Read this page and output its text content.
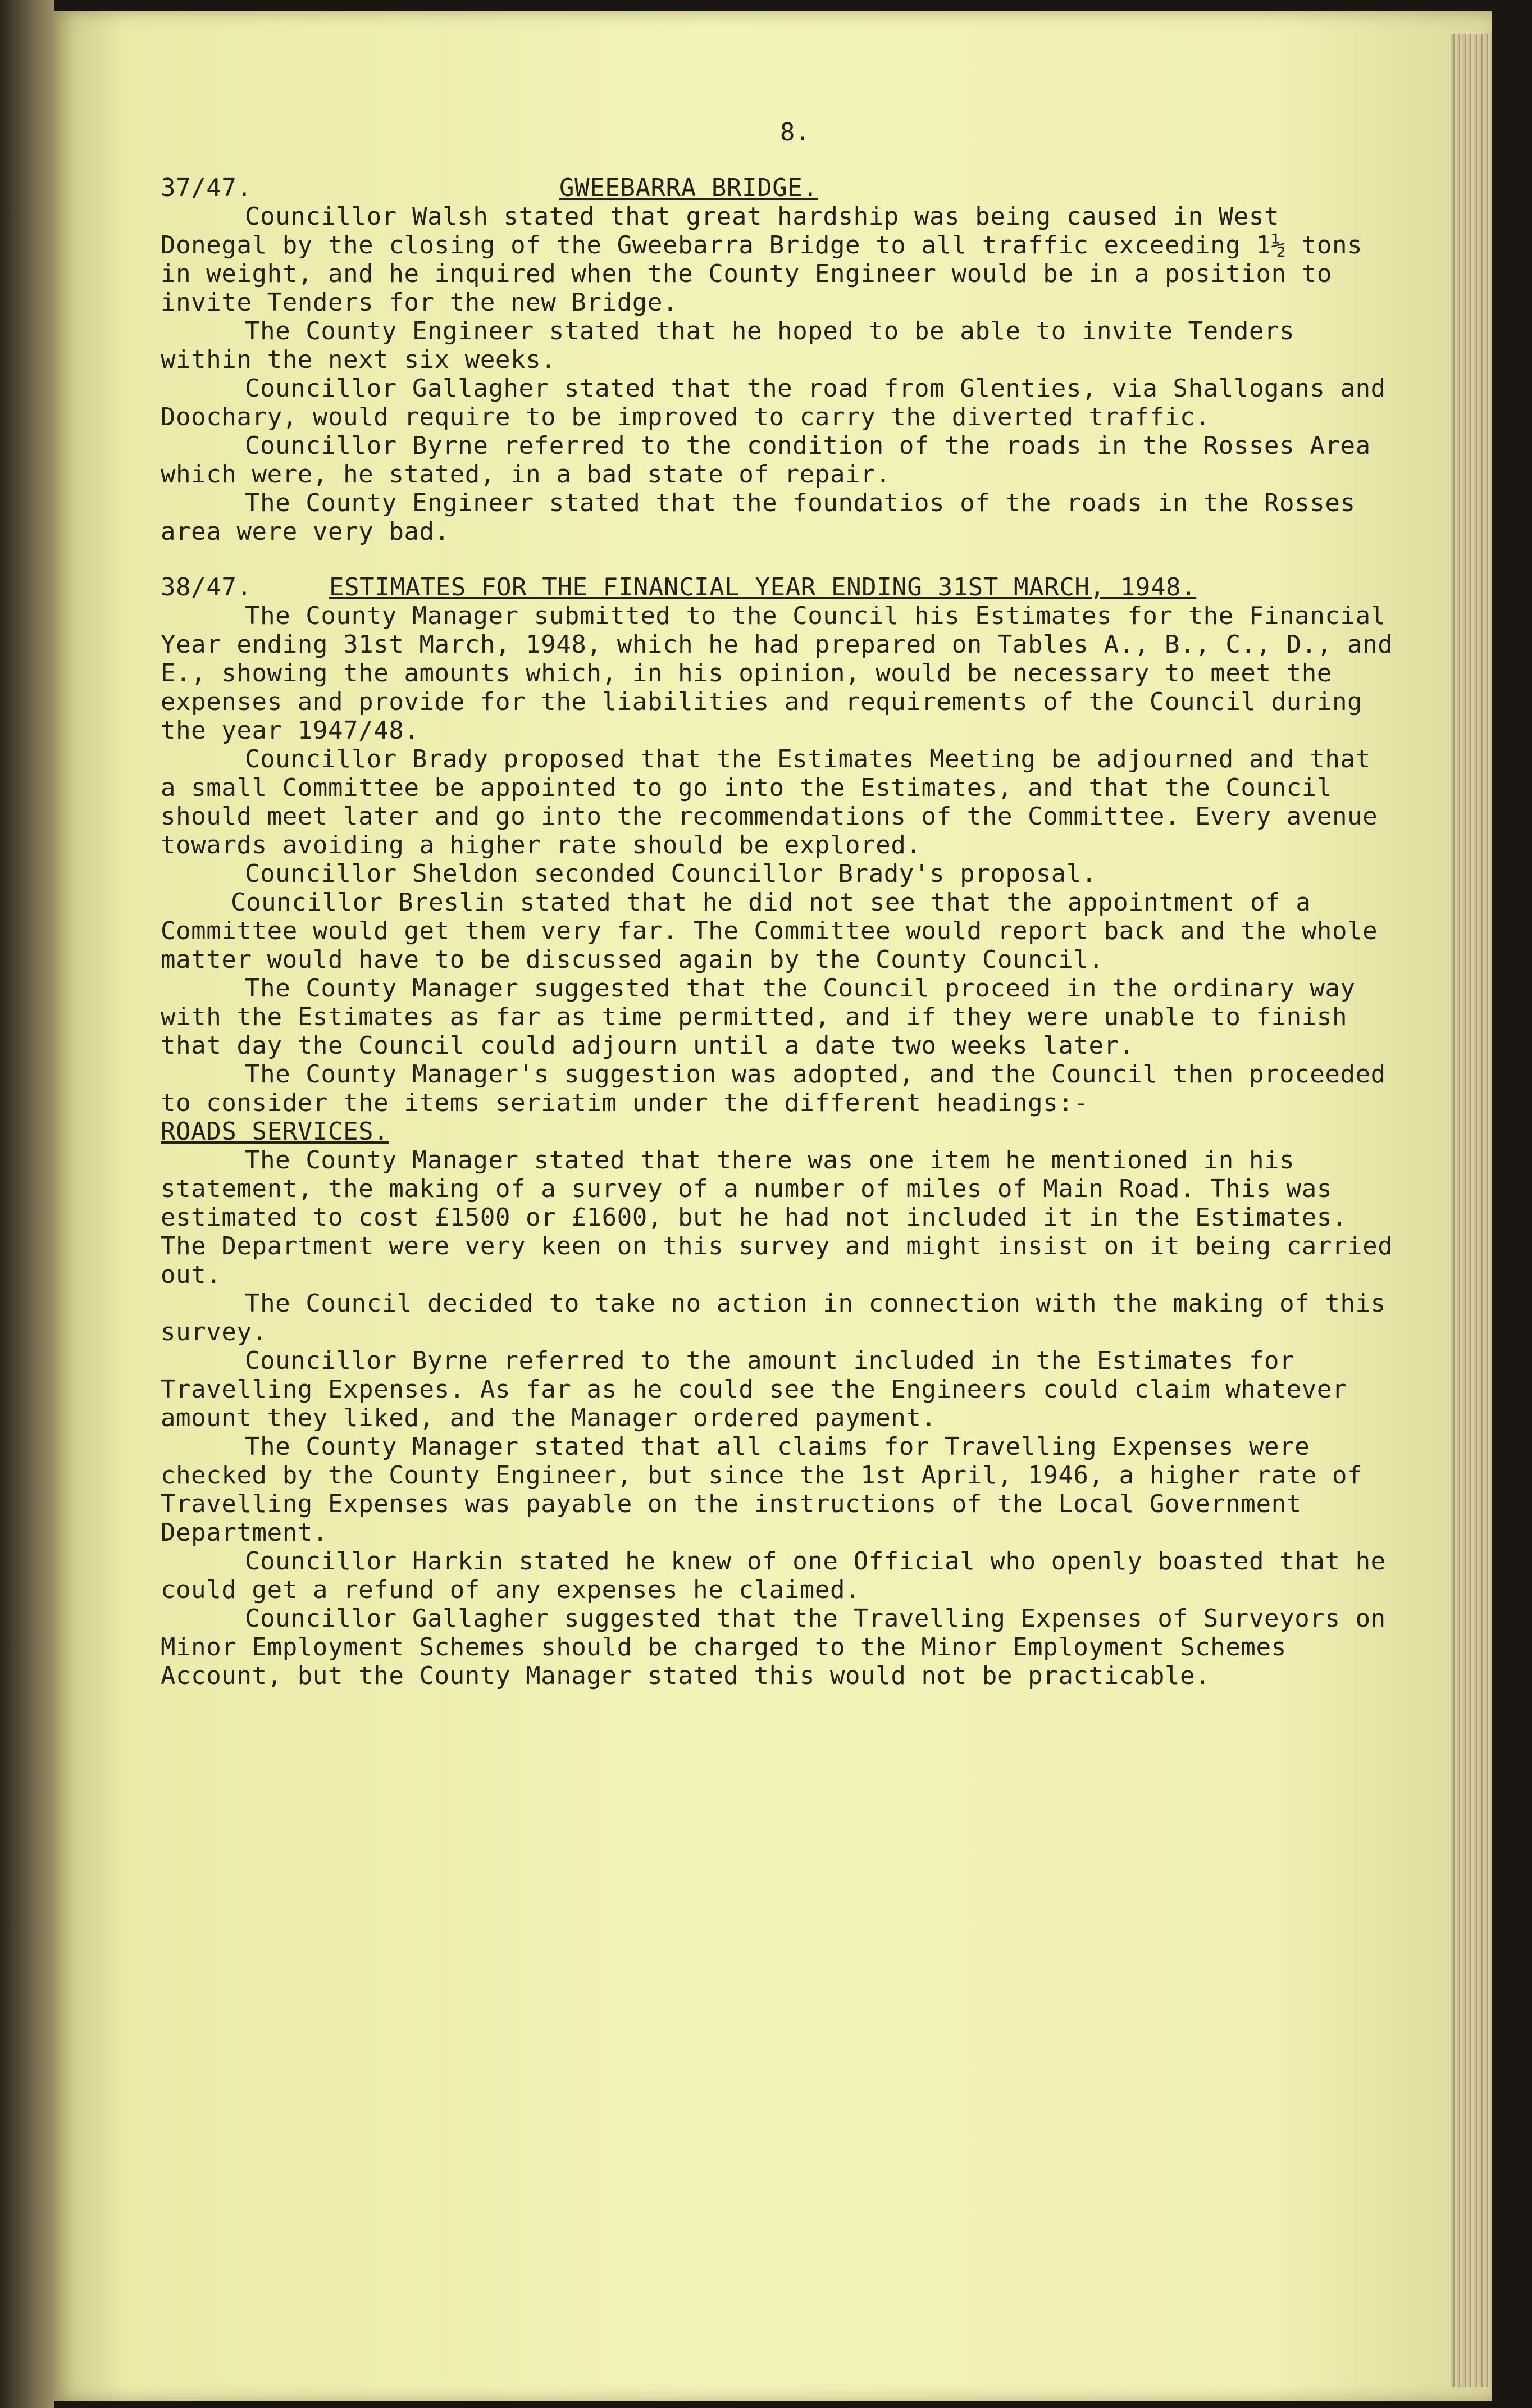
8.
37/47.	GWEEBARRA BRIDGE.

Councillor Walsh stated that great hardship was being caused in West Donegal by the closing of the Gweebarra Bridge to all traffic exceeding 1½ tons in weight, and he inquired when the County Engineer would be in a position to invite Tenders for the new Bridge.

The County Engineer stated that he hoped to be able to invite Tenders within the next six weeks.

Councillor Gallagher stated that the road from Glenties, via Shallogans and Doochary, would require to be improved to carry the diverted traffic.

Councillor Byrne referred to the condition of the roads in the Rosses Area which were, he stated, in a bad state of repair.

The County Engineer stated that the foundatios of the roads in the Rosses area were very bad.

38/47.	ESTIMATES FOR THE FINANCIAL YEAR ENDING 31ST MARCH, 1948.

The County Manager submitted to the Council his Estimates for the Financial Year ending 31st March, 1948, which he had prepared on Tables A., B., C., D., and E., showing the amounts which, in his opinion, would be necessary to meet the expenses and provide for the liabilities and requirements of the Council during the year 1947/48.

Councillor Brady proposed that the Estimates Meeting be adjourned and that a small Committee be appointed to go into the Estimates, and that the Council should meet later and go into the recommendations of the Committee. Every avenue towards avoiding a higher rate should be explored.

Councillor Sheldon seconded Councillor Brady's proposal.

Councillor Breslin stated that he did not see that the appointment of a Committee would get them very far. The Committee would report back and the whole matter would have to be discussed again by the County Council.

The County Manager suggested that the Council proceed in the ordinary way with the Estimates as far as time permitted, and if they were unable to finish that day the Council could adjourn until a date two weeks later.

The County Manager's suggestion was adopted, and the Council then proceeded to consider the items seriatim under the different headings:-

ROADS SERVICES.

The County Manager stated that there was one item he mentioned in his statement, the making of a survey of a number of miles of Main Road. This was estimated to cost £1500 or £1600, but he had not included it in the Estimates. The Department were very keen on this survey and might insist on it being carried out.

The Council decided to take no action in connection with the making of this survey.

Councillor Byrne referred to the amount included in the Estimates for Travelling Expenses. As far as he could see the Engineers could claim whatever amount they liked, and the Manager ordered payment.

The County Manager stated that all claims for Travelling Expenses were checked by the County Engineer, but since the 1st April, 1946, a higher rate of Travelling Expenses was payable on the instructions of the Local Government Department.

Councillor Harkin stated he knew of one Official who openly boasted that he could get a refund of any expenses he claimed.

Councillor Gallagher suggested that the Travelling Expenses of Surveyors on Minor Employment Schemes should be charged to the Minor Employment Schemes Account, but the County Manager stated this would not be practicable.
